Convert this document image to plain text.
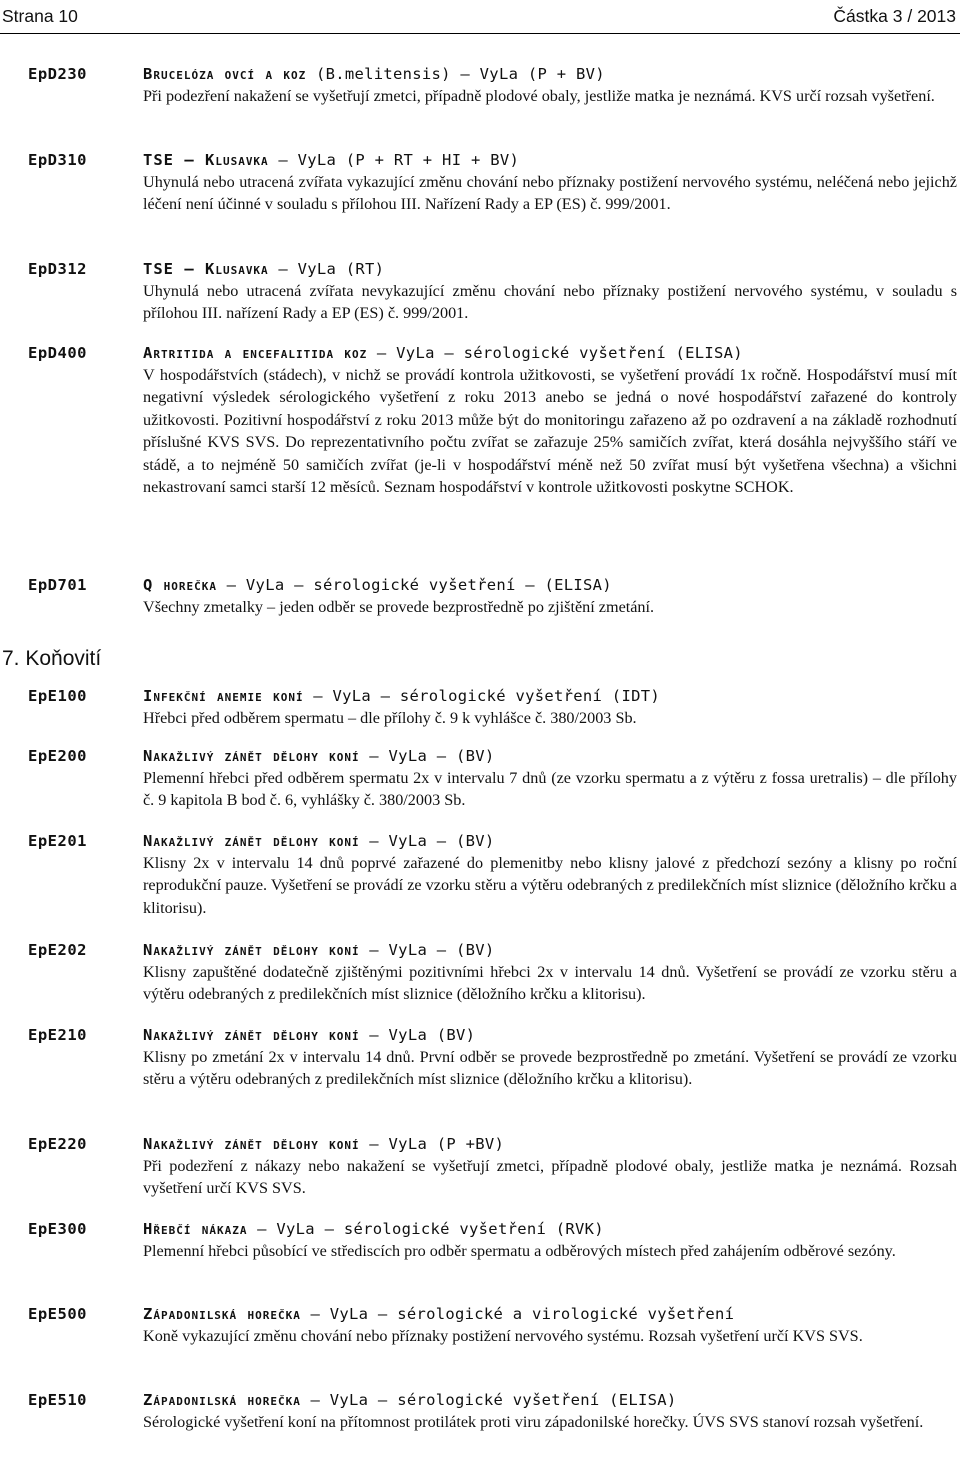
Strana 10	Částka 3 / 2013
EpD230	Brucelóza ovcí a koz (B.melitensis) – VyLa (P + BV)
Při podezření nakažení se vyšetřují zmetci, případně plodové obaly, jestliže matka je neznámá. KVS určí rozsah vyšetření.
EpD310	TSE – Klusavka – VyLa (P + RT + HI + BV)
Uhynulá nebo utracená zvířata vykazující změnu chování nebo příznaky postižení nervového systému, neléčená nebo jejichž léčení není účinné v souladu s přílohou III. Nařízení Rady a EP (ES) č. 999/2001.
EpD312	TSE – Klusavka – VyLa (RT)
Uhynulá nebo utracená zvířata nevykazující změnu chování nebo příznaky postižení nervového systému, v souladu s přílohou III. nařízení Rady a EP (ES) č. 999/2001.
EpD400	Artritida a encefalitida koz – VyLa – sérologické vyšetření (ELISA)
V hospodářstvích (stádech), v nichž se provádí kontrola užitkovosti, se vyšetření provádí 1x ročně. Hospodářství musí mít negativní výsledek sérologického vyšetření z roku 2013 anebo se jedná o nové hospodářství zařazené do kontroly užitkovosti. Pozitivní hospodářství z roku 2013 může být do monitoringu zařazeno až po ozdravení a na základě rozhodnutí příslušné KVS SVS. Do reprezentativního počtu zvířat se zařazuje 25% samičích zvířat, která dosáhla nejvyššího stáří ve stádě, a to nejméně 50 samičích zvířat (je-li v hospodářství méně než 50 zvířat musí být vyšetřena všechna) a všichni nekastrovaní samci starší 12 měsíců. Seznam hospodářství v kontrole užitkovosti poskytne SCHOK.
EpD701	Q horečka – VyLa – sérologické vyšetření – (ELISA)
Všechny zmetalky – jeden odběr se provede bezprostředně po zjištění zmetání.
7. Koňovití
EpE100	Infekční anemie koní – VyLa – sérologické vyšetření (IDT)
Hřebci před odběrem spermatu – dle přílohy č. 9 k vyhlášce č. 380/2003 Sb.
EpE200	Nakažlivý zánět dělohy koní – VyLa – (BV)
Plemenní hřebci před odběrem spermatu 2x v intervalu 7 dnů (ze vzorku spermatu a z výtěru z fossa uretralis) – dle přílohy č. 9 kapitola B bod č. 6, vyhlášky č. 380/2003 Sb.
EpE201	Nakažlivý zánět dělohy koní – VyLa – (BV)
Klisny 2x v intervalu 14 dnů poprvé zařazené do plemenitby nebo klisny jalové z předchozí sezóny a klisny po roční reprodukční pauze. Vyšetření se provádí ze vzorku stěru a výtěru odebraných z predilekčních míst sliznice (děložního krčku a klitorisu).
EpE202	Nakažlivý zánět dělohy koní – VyLa – (BV)
Klisny zapuštěné dodatečně zjištěnými pozitivními hřebci 2x v intervalu 14 dnů. Vyšetření se provádí ze vzorku stěru a výtěru odebraných z predilekčních míst sliznice (děložního krčku a klitorisu).
EpE210	Nakažlivý zánět dělohy koní – VyLa (BV)
Klisny po zmetání 2x v intervalu 14 dnů. První odběr se provede bezprostředně po zmetání. Vyšetření se provádí ze vzorku stěru a výtěru odebraných z predilekčních míst sliznice (děložního krčku a klitorisu).
EpE220	Nakažlivý zánět dělohy koní – VyLa (P +BV)
Při podezření z nákazy nebo nakažení se vyšetřují zmetci, případně plodové obaly, jestliže matka je neznámá. Rozsah vyšetření určí KVS SVS.
EpE300	Hřebčí nákaza – VyLa – sérologické vyšetření (RVK)
Plemenní hřebci působící ve střediscích pro odběr spermatu a odběrových místech před zahájením odběrové sezóny.
EpE500	Západonilská horečka – VyLa – sérologické a virologické vyšetření
Koně vykazující změnu chování nebo příznaky postižení nervového systému. Rozsah vyšetření určí KVS SVS.
EpE510	Západonilská horečka – VyLa – sérologické vyšetření (ELISA)
Sérologické vyšetření koní na přítomnost protilátek proti viru západonilské horečky. ÚVS SVS stanoví rozsah vyšetření.
